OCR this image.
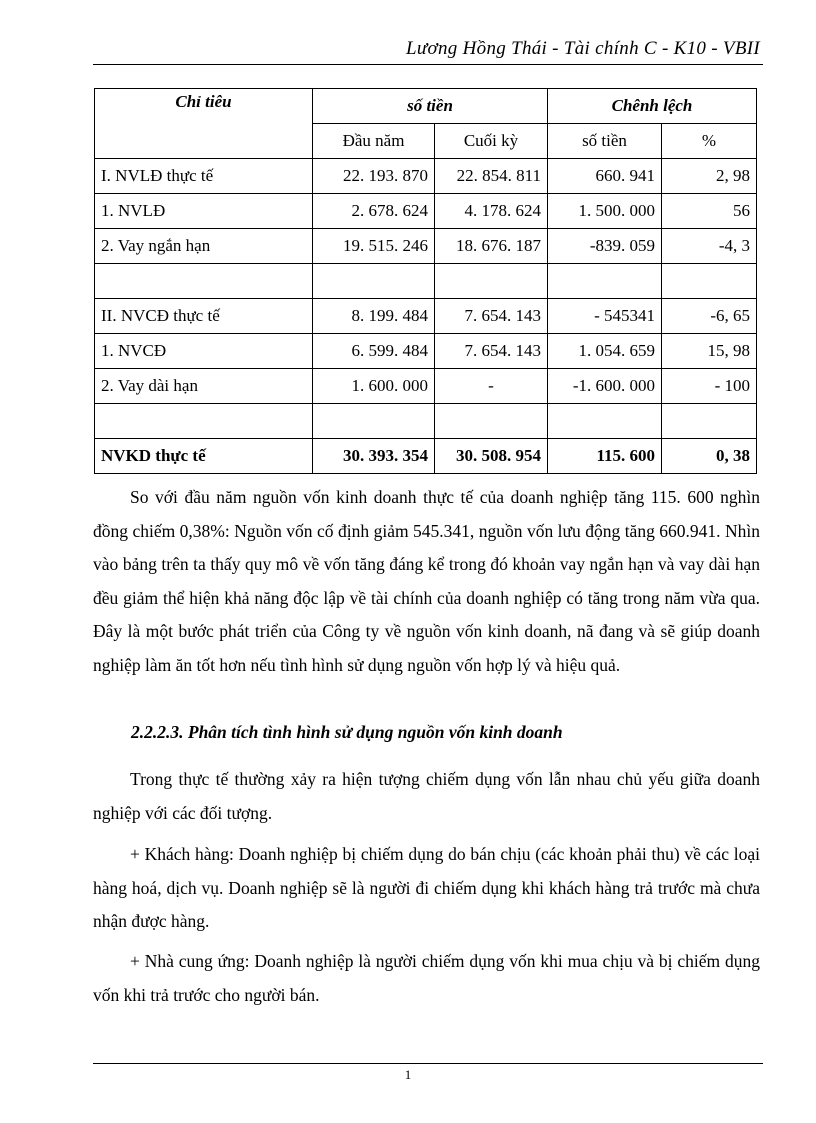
Lương Hồng Thái - Tài chính C - K10 - VBII
Chỉ tiêu	số tiền		Chênh lệch	
	Đầu năm	Cuối kỳ	số tiền	%
I. NVLĐ thực tế	22. 193. 870	22. 854. 811	660. 941	2, 98
1. NVLĐ	2. 678. 624	4. 178. 624	1. 500. 000	56
2. Vay ngắn hạn	19. 515. 246	18. 676. 187	-839. 059	-4, 3

II. NVCĐ thực tế	8. 199. 484	7. 654. 143	- 545341	-6, 65
1. NVCĐ	6. 599. 484	7. 654. 143	1. 054. 659	15, 98
2. Vay dài hạn	1. 600. 000	-	-1. 600. 000	- 100

NVKD thực tế	30. 393. 354	30. 508. 954	115. 600	0, 38

So với đầu năm nguồn vốn kinh doanh thực tế của doanh nghiệp tăng 115. 600 nghìn đồng chiếm 0,38%: Nguồn vốn cố định giảm 545.341, nguồn vốn lưu động tăng 660.941. Nhìn vào bảng trên ta thấy quy mô về vốn tăng đáng kể trong đó khoản vay ngắn hạn và vay dài hạn đều giảm thể hiện khả năng độc lập về tài chính của doanh nghiệp có tăng trong năm vừa qua. Đây là một bước phát triển của Công ty về nguồn vốn kinh doanh, nã đang và sẽ giúp doanh nghiệp làm ăn tốt hơn nếu tình hình sử dụng nguồn vốn hợp lý và hiệu quả.

2.2.2.3. Phân tích tình hình sử dụng nguồn vốn kinh doanh

Trong thực tế thường xảy ra hiện tượng chiếm dụng vốn lẫn nhau chủ yếu giữa doanh nghiệp với các đối tượng.

+ Khách hàng: Doanh nghiệp bị chiếm dụng do bán chịu (các khoản phải thu) về các loại hàng hoá, dịch vụ. Doanh nghiệp sẽ là người đi chiếm dụng khi khách hàng trả trước mà chưa nhận được hàng.

+ Nhà cung ứng: Doanh nghiệp là người chiếm dụng vốn khi mua chịu và bị chiếm dụng vốn khi trả trước cho người bán.

1
